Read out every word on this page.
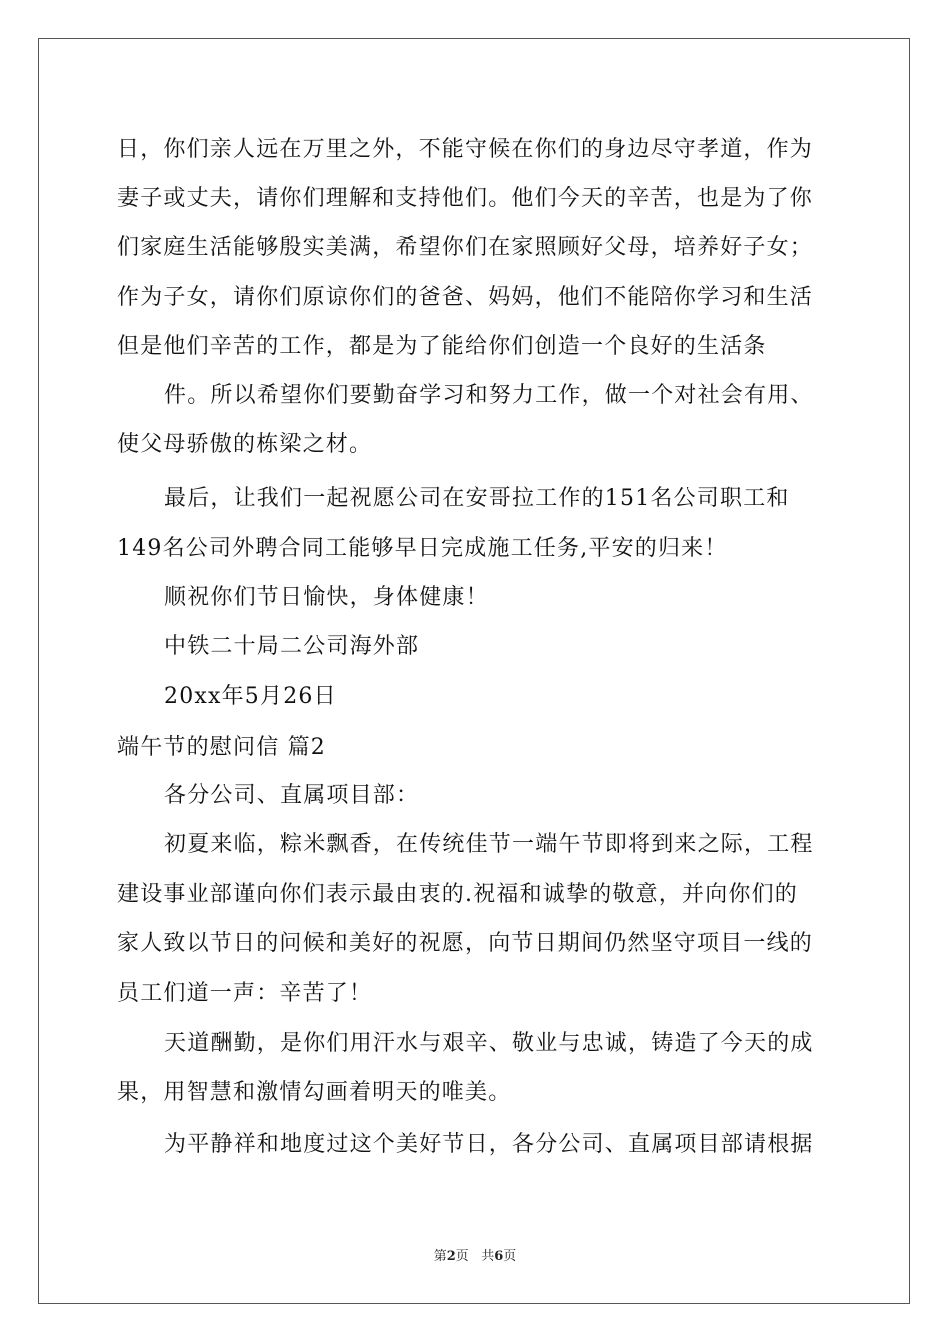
日，你们亲人远在万里之外，不能守候在你们的身边尽守孝道，作为
妻子或丈夫，请你们理解和支持他们。他们今天的辛苦，也是为了你
们家庭生活能够殷实美满，希望你们在家照顾好父母，培养好子女；
作为子女，请你们原谅你们的爸爸、妈妈，他们不能陪你学习和生活
但是他们辛苦的工作，都是为了能给你们创造一个良好的生活条
件。所以希望你们要勤奋学习和努力工作，做一个对社会有用、
使父母骄傲的栋梁之材。
最后，让我们一起祝愿公司在安哥拉工作的151名公司职工和
149名公司外聘合同工能够早日完成施工任务,平安的归来！
顺祝你们节日愉快，身体健康！
中铁二十局二公司海外部
20xx年5月26日
端午节的慰问信 篇2
各分公司、直属项目部：
初夏来临，粽米飘香，在传统佳节一端午节即将到来之际，工程
建设事业部谨向你们表示最由衷的.祝福和诚挚的敬意，并向你们的
家人致以节日的问候和美好的祝愿，向节日期间仍然坚守项目一线的
员工们道一声：辛苦了！
天道酬勤，是你们用汗水与艰辛、敬业与忠诚，铸造了今天的成
果，用智慧和激情勾画着明天的唯美。
为平静祥和地度过这个美好节日，各分公司、直属项目部请根据
第2页 共6页
